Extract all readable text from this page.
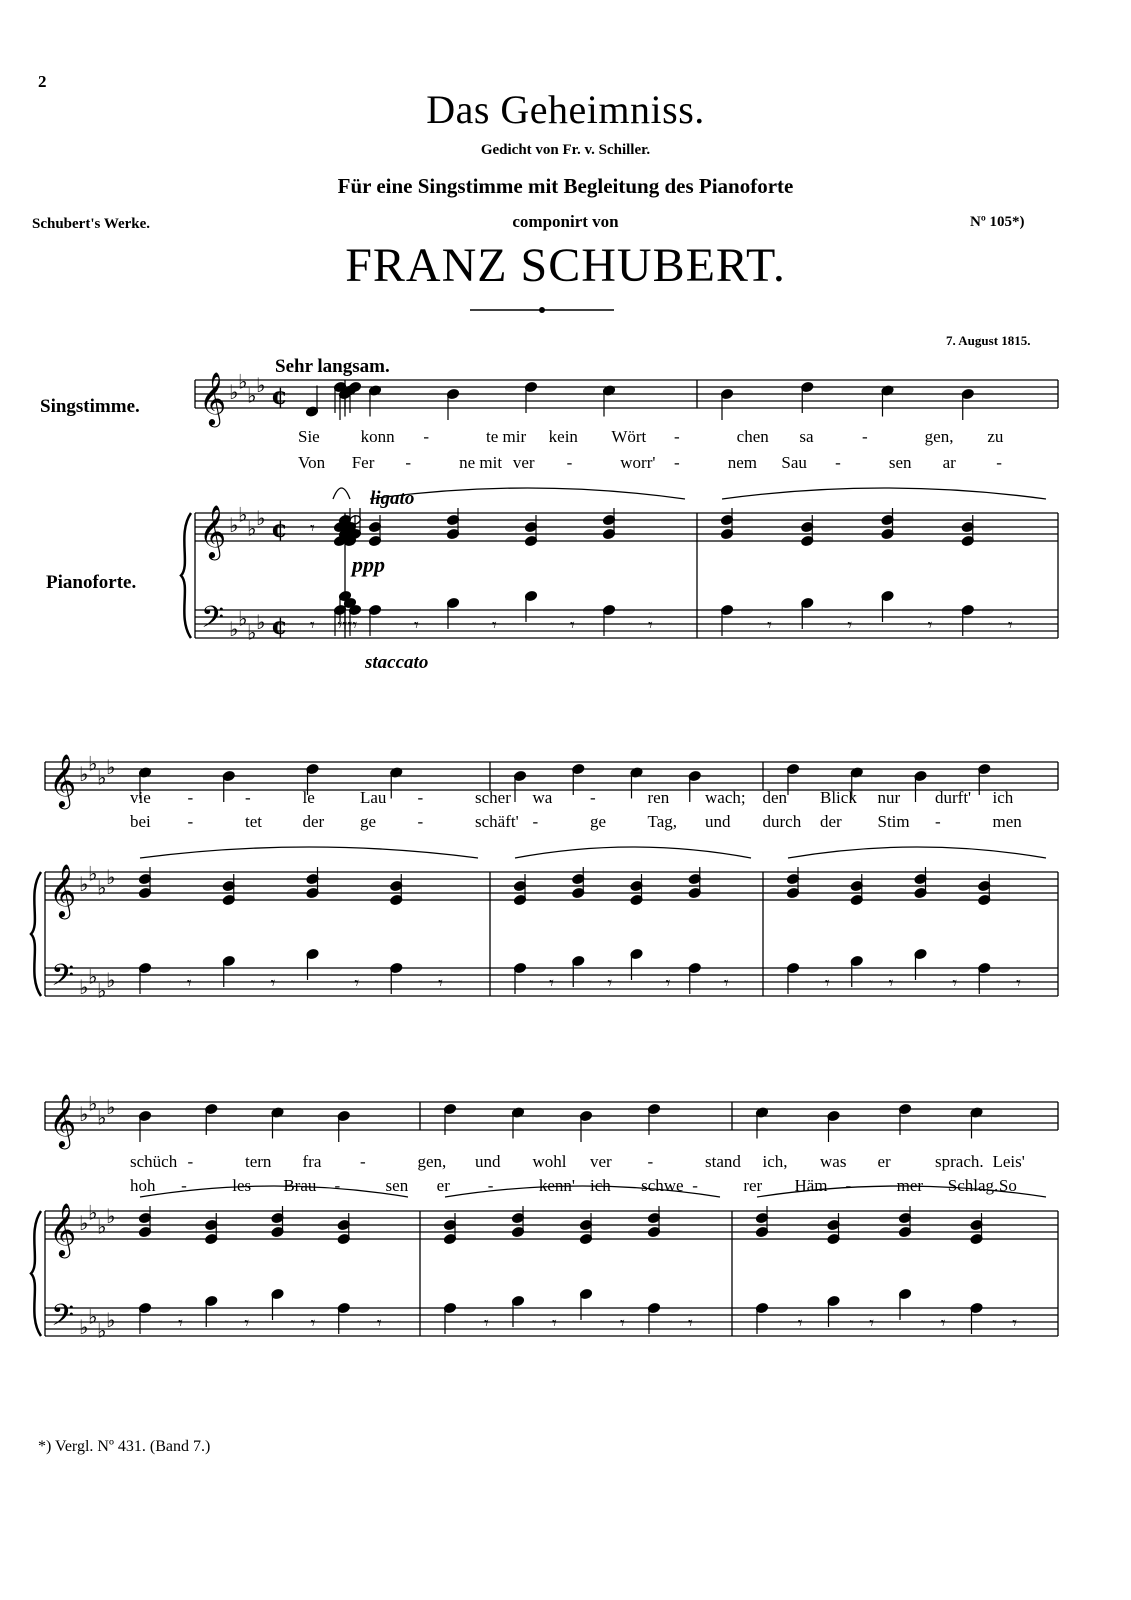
2
Das Geheimniss.
Gedicht von Fr. v. Schiller.
Für eine Singstimme mit Begleitung des Pianoforte
componirt von
Schubert's Werke.	Nº 105*)
FRANZ SCHUBERT.
7. August 1815.
Sehr langsam.
Singstimme.
Pianoforte.
ligato
ppp
staccato
𝄞
𝄞
𝄢
♭ ♭
♭ ♭
♭ ♭
♭ ♭
♭ ♭
♭ ♭
¢
¢
¢
𝄾
𝄾 𝄾
𝄾
𝄾
𝄾	𝄾	𝄾	𝄾	𝄾	𝄾	𝄾	𝄾	𝄾
𝄞
𝄞
𝄢
♭ ♭
♭ ♭
♭ ♭
♭ ♭
♭ ♭
♭ ♭	𝄾	𝄾	𝄾	𝄾	𝄾	𝄾	𝄾	𝄾	𝄾	𝄾	𝄾	𝄾
𝄞
𝄞
𝄢
♭ ♭
♭ ♭
♭ ♭
♭ ♭
♭ ♭
♭ ♭	𝄾	𝄾	𝄾	𝄾	𝄾	𝄾	𝄾	𝄾	𝄾	𝄾	𝄾	𝄾
Sie konn -	te mir kein Wört -	chen sa	-	gen, zu
Von Fer -	ne mit ver -	worr' -	nem Sau -	sen ar -
vie -	-	le	Lau -	scher wa -	ren wach; den Blick nur durft' ich
bei -	tet der ge -	schäft' -	ge Tag, und durch der Stim -	men
schüch -	tern fra -	gen, und wohl ver -	stand ich, was er	sprach. Leis'
hoh -	les Brau -	sen er -	kenn' ich schwe -	rer Häm -	mer Schlag. So
*) Vergl. Nº 431. (Band 7.)
